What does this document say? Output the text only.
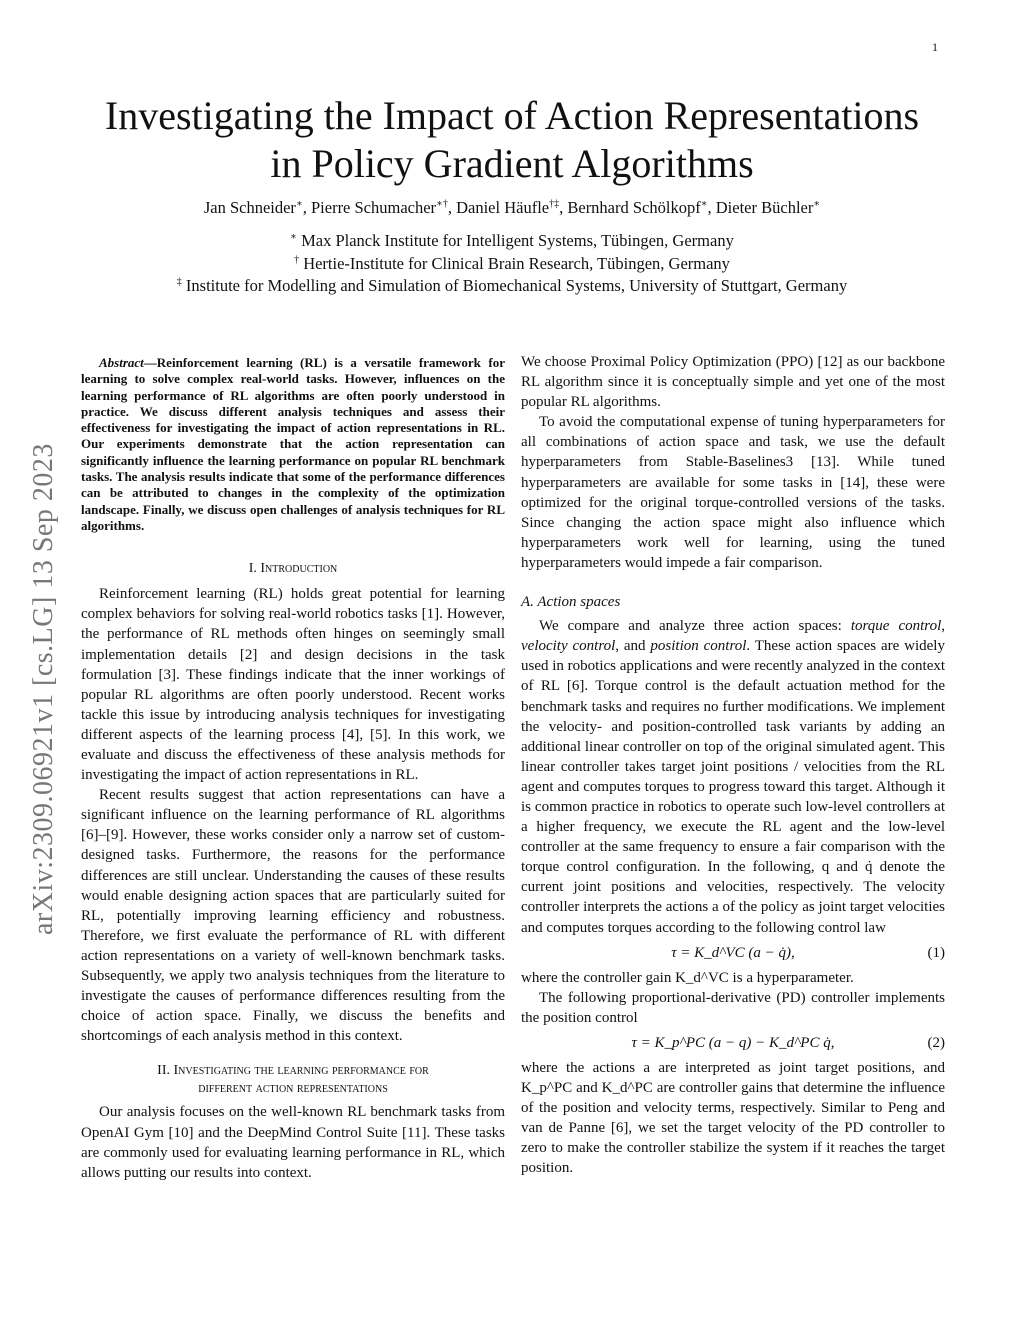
1
Investigating the Impact of Action Representations
in Policy Gradient Algorithms
Jan Schneider∗, Pierre Schumacher∗†, Daniel Häufle†‡, Bernhard Schölkopf∗, Dieter Büchler∗
∗ Max Planck Institute for Intelligent Systems, Tübingen, Germany
† Hertie-Institute for Clinical Brain Research, Tübingen, Germany
‡ Institute for Modelling and Simulation of Biomechanical Systems, University of Stuttgart, Germany
arXiv:2309.06921v1 [cs.LG] 13 Sep 2023

Abstract—Reinforcement learning (RL) is a versatile framework for learning to solve complex real-world tasks. However, influences on the learning performance of RL algorithms are often poorly understood in practice. We discuss different analysis techniques and assess their effectiveness for investigating the impact of action representations in RL. Our experiments demonstrate that the action representation can significantly influence the learning performance on popular RL benchmark tasks. The analysis results indicate that some of the performance differences can be attributed to changes in the complexity of the optimization landscape. Finally, we discuss open challenges of analysis techniques for RL algorithms.

I. Introduction

Reinforcement learning (RL) holds great potential for learning complex behaviors for solving real-world robotics tasks [1]. However, the performance of RL methods often hinges on seemingly small implementation details [2] and design decisions in the task formulation [3]. These findings indicate that the inner workings of popular RL algorithms are often poorly understood. Recent works tackle this issue by introducing analysis techniques for investigating different aspects of the learning process [4], [5]. In this work, we evaluate and discuss the effectiveness of these analysis methods for investigating the impact of action representations in RL.

Recent results suggest that action representations can have a significant influence on the learning performance of RL algorithms [6]–[9]. However, these works consider only a narrow set of custom-designed tasks. Furthermore, the reasons for the performance differences are still unclear. Understanding the causes of these results would enable designing action spaces that are particularly suited for RL, potentially improving learning efficiency and robustness. Therefore, we first evaluate the performance of RL with different action representations on a variety of well-known benchmark tasks. Subsequently, we apply two analysis techniques from the literature to investigate the causes of performance differences resulting from the choice of action space. Finally, we discuss the benefits and shortcomings of each analysis method in this context.

II. Investigating the learning performance for
different action representations

Our analysis focuses on the well-known RL benchmark tasks from OpenAI Gym [10] and the DeepMind Control Suite [11]. These tasks are commonly used for evaluating learning performance in RL, which allows putting our results into context.

We choose Proximal Policy Optimization (PPO) [12] as our backbone RL algorithm since it is conceptually simple and yet one of the most popular RL algorithms.

To avoid the computational expense of tuning hyperparameters for all combinations of action space and task, we use the default hyperparameters from Stable-Baselines3 [13]. While tuned hyperparameters are available for some tasks in [14], these were optimized for the original torque-controlled versions of the tasks. Since changing the action space might also influence which hyperparameters work well for learning, using the tuned hyperparameters would impede a fair comparison.

A. Action spaces

We compare and analyze three action spaces: torque control, velocity control, and position control. These action spaces are widely used in robotics applications and were recently analyzed in the context of RL [6]. Torque control is the default actuation method for the benchmark tasks and requires no further modifications. We implement the velocity- and position-controlled task variants by adding an additional linear controller on top of the original simulated agent. This linear controller takes target joint positions / velocities from the RL agent and computes torques to progress toward this target. Although it is common practice in robotics to operate such low-level controllers at a higher frequency, we execute the RL agent and the low-level controller at the same frequency to ensure a fair comparison with the torque control configuration. In the following, q and q̇ denote the current joint positions and velocities, respectively. The velocity controller interprets the actions a of the policy as joint target velocities and computes torques according to the following control law

τ = K_d^VC (a − q̇),	(1)

where the controller gain K_d^VC is a hyperparameter.

The following proportional-derivative (PD) controller implements the position control

τ = K_p^PC (a − q) − K_d^PC q̇,	(2)

where the actions a are interpreted as joint target positions, and K_p^PC and K_d^PC are controller gains that determine the influence of the position and velocity terms, respectively. Similar to Peng and van de Panne [6], we set the target velocity of the PD controller to zero to make the controller stabilize the system if it reaches the target position.
